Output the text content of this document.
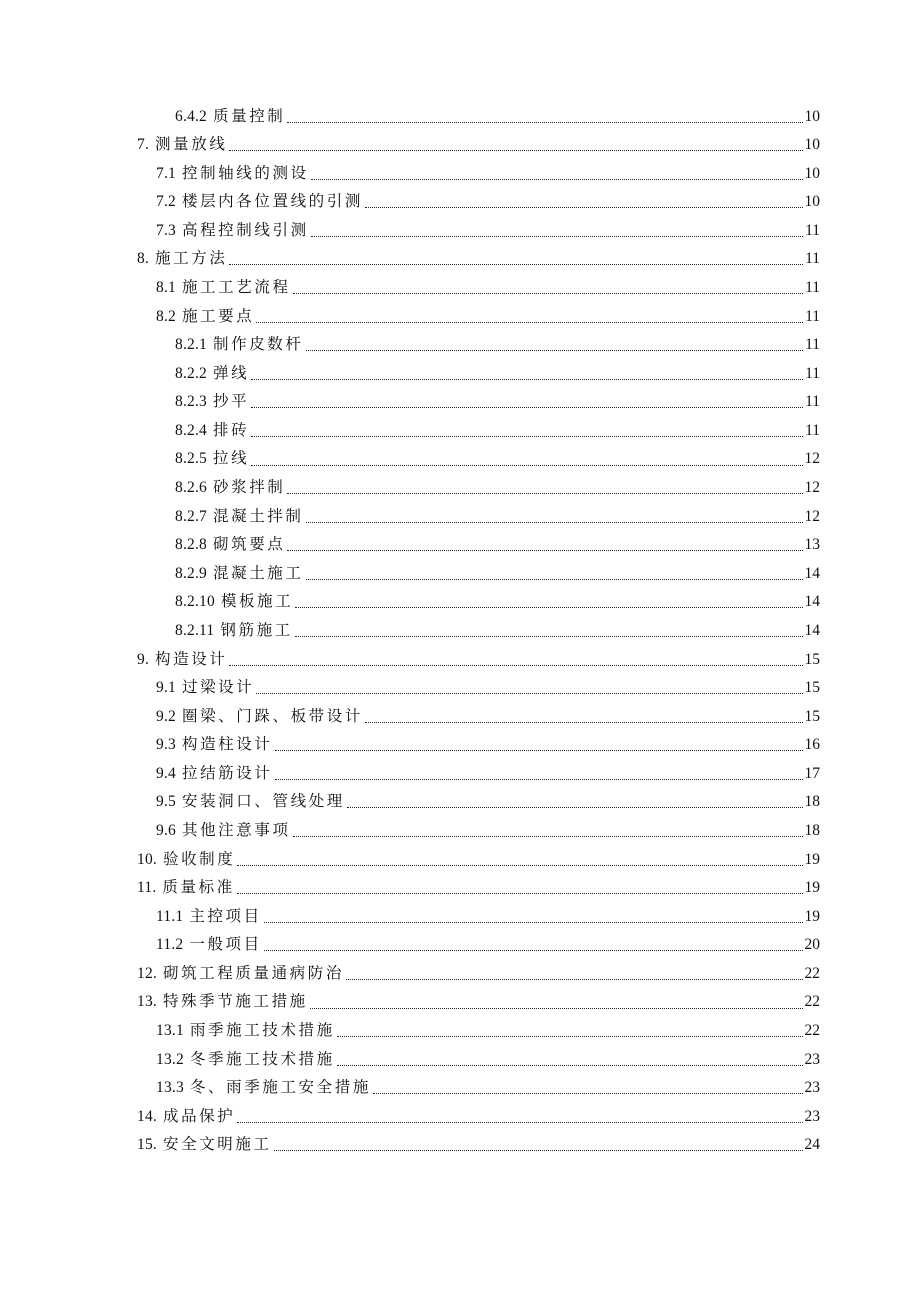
6.4.2 质量控制	10
7. 测量放线	10
7.1 控制轴线的测设	10
7.2 楼层内各位置线的引测	10
7.3 高程控制线引测	11
8. 施工方法	11
8.1 施工工艺流程	11
8.2 施工要点	11
8.2.1 制作皮数杆	11
8.2.2 弹线	11
8.2.3 抄平	11
8.2.4 排砖	11
8.2.5 拉线	12
8.2.6 砂浆拌制	12
8.2.7 混凝土拌制	12
8.2.8 砌筑要点	13
8.2.9 混凝土施工	14
8.2.10 模板施工	14
8.2.11 钢筋施工	14
9. 构造设计	15
9.1 过梁设计	15
9.2 圈梁、门跺、板带设计	15
9.3 构造柱设计	16
9.4 拉结筋设计	17
9.5 安装洞口、管线处理	18
9.6 其他注意事项	18
10. 验收制度	19
11. 质量标准	19
11.1 主控项目	19
11.2 一般项目	20
12. 砌筑工程质量通病防治	22
13. 特殊季节施工措施	22
13.1 雨季施工技术措施	22
13.2 冬季施工技术措施	23
13.3 冬、雨季施工安全措施	23
14. 成品保护	23
15. 安全文明施工	24
